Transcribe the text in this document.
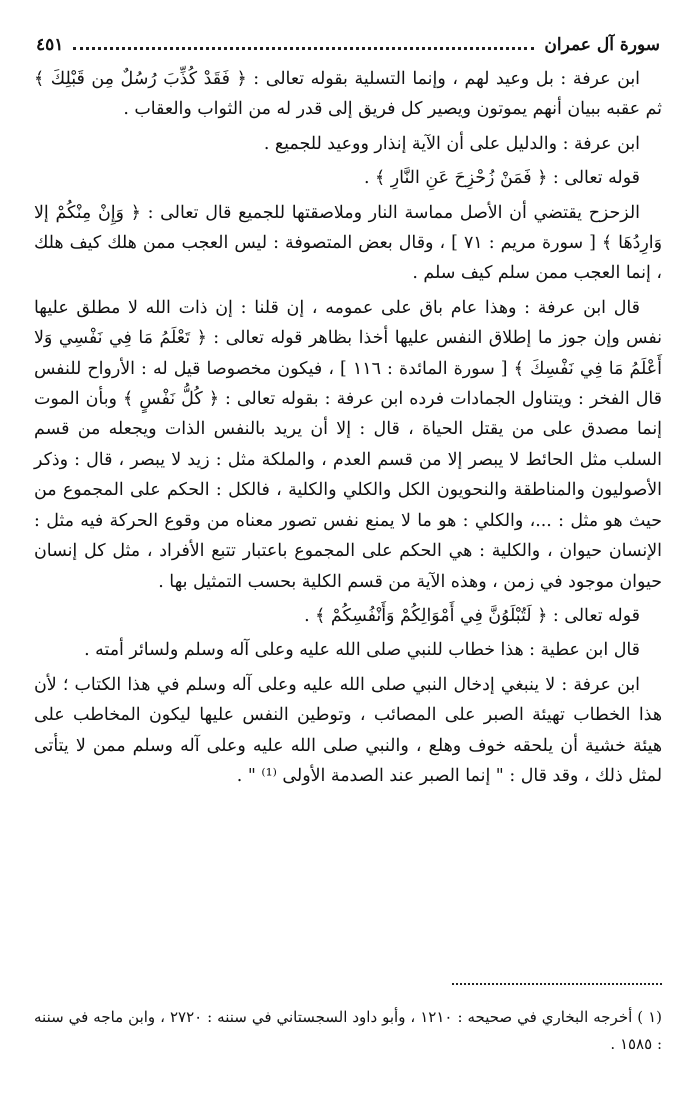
سورة آل عمران
٤٥١

ابن عرفة : بل وعيد لهم ، وإنما التسلية بقوله تعالى : ﴿ فَقَدْ كُذِّبَ رُسُلٌ مِن قَبْلِكَ ﴾ ثم عقبه ببيان أنهم يموتون ويصير كل فريق إلى قدر له من الثواب والعقاب .

ابن عرفة : والدليل على أن الآية إنذار ووعيد للجميع .

قوله تعالى : ﴿ فَمَنْ زُحْزِحَ عَنِ النَّارِ ﴾ .

الزحزح يقتضي أن الأصل مماسة النار وملاصقتها للجميع قال تعالى : ﴿ وَإِنْ مِنْكُمْ إلا وَارِدُهَا ﴾ [ سورة مريم : ٧١ ] ، وقال بعض المتصوفة : ليس العجب ممن هلك كيف هلك ، إنما العجب ممن سلم كيف سلم .

قال ابن عرفة : وهذا عام باق على عمومه ، إن قلنا : إن ذات الله لا مطلق عليها نفس وإن جوز ما إطلاق النفس عليها أخذا بظاهر قوله تعالى : ﴿ تَعْلَمُ مَا فِي نَفْسِي وَلا أَعْلَمُ مَا فِي نَفْسِكَ ﴾ [ سورة المائدة : ١١٦ ] ، فيكون مخصوصا قيل له : الأرواح للنفس قال الفخر : ويتناول الجمادات فرده ابن عرفة : بقوله تعالى : ﴿ كُلُّ نَفْسٍ ﴾ وبأن الموت إنما مصدق على من يقتل الحياة ، قال : إلا أن يريد بالنفس الذات ويجعله من قسم السلب مثل الحائط لا يبصر إلا من قسم العدم ، والملكة مثل : زيد لا يبصر ، قال : وذكر الأصوليون والمناطقة والنحويون الكل والكلي والكلية ، فالكل : الحكم على المجموع من حيث هو مثل : ...، والكلي : هو ما لا يمنع نفس تصور معناه من وقوع الحركة فيه مثل : الإنسان حيوان ، والكلية : هي الحكم على المجموع باعتبار تتبع الأفراد ، مثل كل إنسان حيوان موجود في زمن ، وهذه الآية من قسم الكلية بحسب التمثيل بها .

قوله تعالى : ﴿ لَتُبْلَوُنَّ فِي أَمْوَالِكُمْ وَأَنْفُسِكُمْ ﴾ .

قال ابن عطية : هذا خطاب للنبي صلى الله عليه وعلى آله وسلم ولسائر أمته .

ابن عرفة : لا ينبغي إدخال النبي صلى الله عليه وعلى آله وسلم في هذا الكتاب ؛ لأن هذا الخطاب تهيئة الصبر على المصائب ، وتوطين النفس عليها ليكون المخاطب على هيئة خشية أن يلحقه خوف وهلع ، والنبي صلى الله عليه وعلى آله وسلم ممن لا يتأتى لمثل ذلك ، وقد قال : " إنما الصبر عند الصدمة الأولى ⁽¹⁾ " .

(١ ) أخرجه البخاري في صحيحه : ١٢١٠ ، وأبو داود السجستاني في سننه : ٢٧٢٠ ، وابن ماجه في سننه : ١٥٨٥ .
